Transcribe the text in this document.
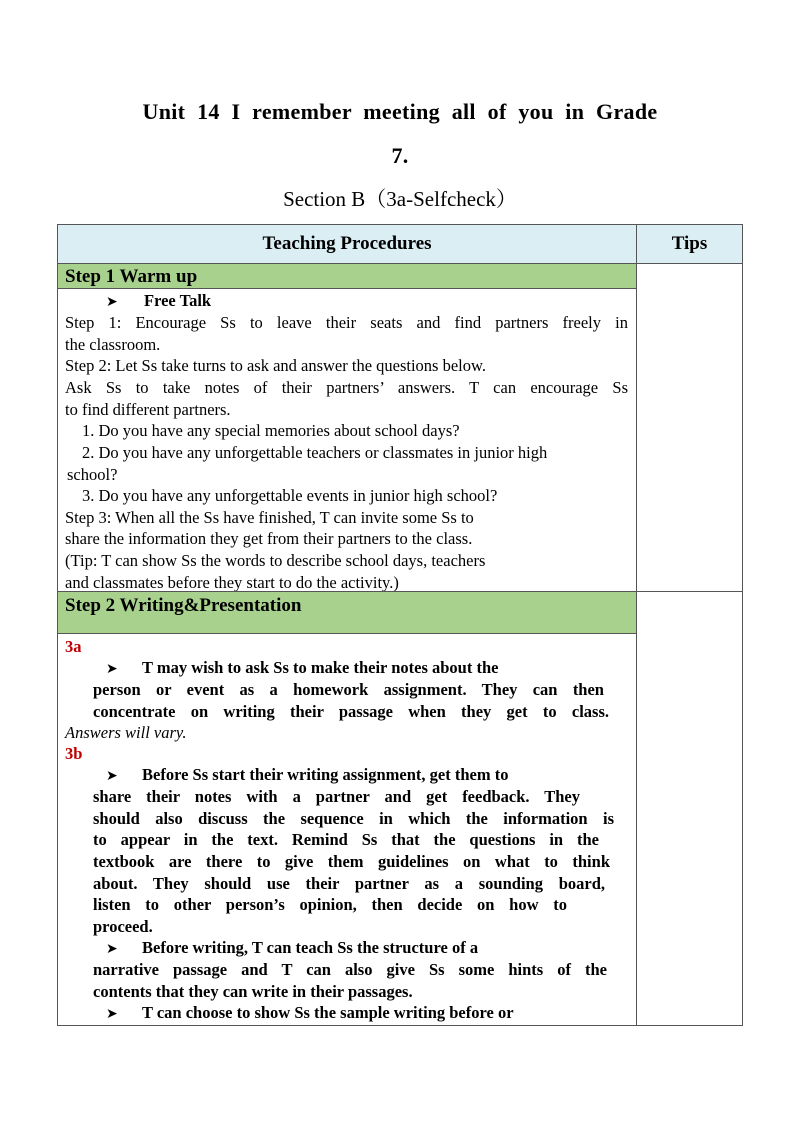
Unit 14 I remember meeting all of you in Grade
7.
Section B（3a-Selfcheck）
Teaching Procedures	Tips
Step 1 Warm up
➤ Free Talk
Step 1: Encourage Ss to leave their seats and find partners freely in
the classroom.
Step 2: Let Ss take turns to ask and answer the questions below.
Ask Ss to take notes of their partners’ answers. T can encourage Ss
to find different partners.
1. Do you have any special memories about school days?
2. Do you have any unforgettable teachers or classmates in junior high
school?
3. Do you have any unforgettable events in junior high school?
Step 3: When all the Ss have finished, T can invite some Ss to
share the information they get from their partners to the class.
(Tip: T can show Ss the words to describe school days, teachers
and classmates before they start to do the activity.)
Step 2 Writing&Presentation
3a
➤ T may wish to ask Ss to make their notes about the
person or event as a homework assignment. They can then
concentrate on writing their passage when they get to class.
Answers will vary.
3b
➤ Before Ss start their writing assignment, get them to
share their notes with a partner and get feedback. They
should also discuss the sequence in which the information is
to appear in the text. Remind Ss that the questions in the
textbook are there to give them guidelines on what to think
about. They should use their partner as a sounding board,
listen to other person’s opinion, then decide on how to
proceed.
➤ Before writing, T can teach Ss the structure of a
narrative passage and T can also give Ss some hints of the
contents that they can write in their passages.
➤ T can choose to show Ss the sample writing before or
